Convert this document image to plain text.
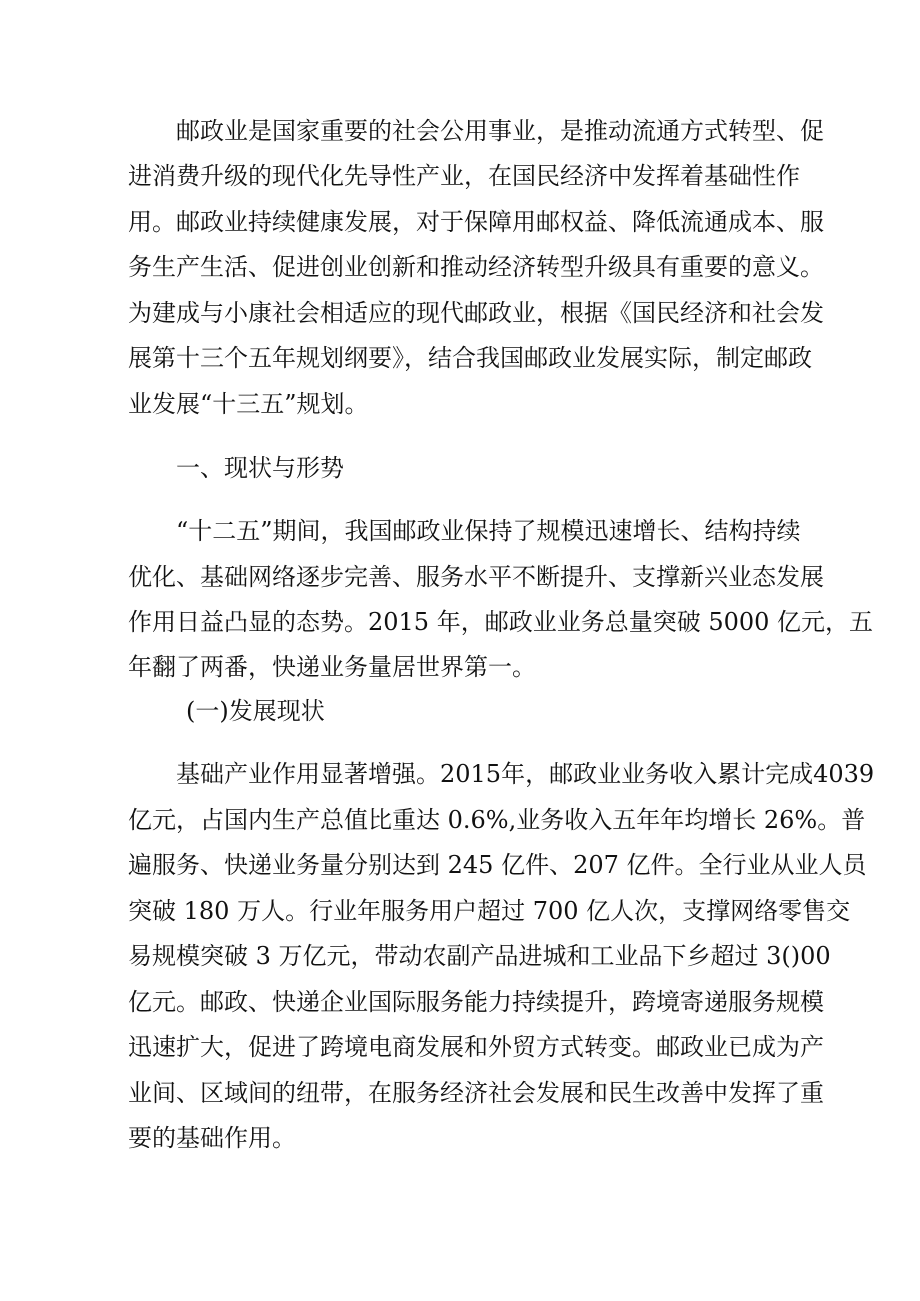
邮政业是国家重要的社会公用事业，是推动流通方式转型、促
进消费升级的现代化先导性产业，在国民经济中发挥着基础性作
用。邮政业持续健康发展，对于保障用邮权益、降低流通成本、服
务生产生活、促进创业创新和推动经济转型升级具有重要的意义。
为建成与小康社会相适应的现代邮政业，根据《国民经济和社会发
展第十三个五年规划纲要》，结合我国邮政业发展实际，制定邮政
业发展“十三五”规划。
一、现状与形势
“十二五”期间，我国邮政业保持了规模迅速增长、结构持续
优化、基础网络逐步完善、服务水平不断提升、支撑新兴业态发展
作用日益凸显的态势。2015 年，邮政业业务总量突破 5000 亿元，五
年翻了两番，快递业务量居世界第一。
(一)发展现状
基础产业作用显著增强。2015年，邮政业业务收入累计完成4039
亿元，占国内生产总值比重达 0.6%,业务收入五年年均增长 26%。普
遍服务、快递业务量分别达到 245 亿件、207 亿件。全行业从业人员
突破 180 万人。行业年服务用户超过 700 亿人次，支撑网络零售交
易规模突破 3 万亿元，带动农副产品进城和工业品下乡超过 3()00
亿元。邮政、快递企业国际服务能力持续提升，跨境寄递服务规模
迅速扩大，促进了跨境电商发展和外贸方式转变。邮政业已成为产
业间、区域间的纽带，在服务经济社会发展和民生改善中发挥了重
要的基础作用。
